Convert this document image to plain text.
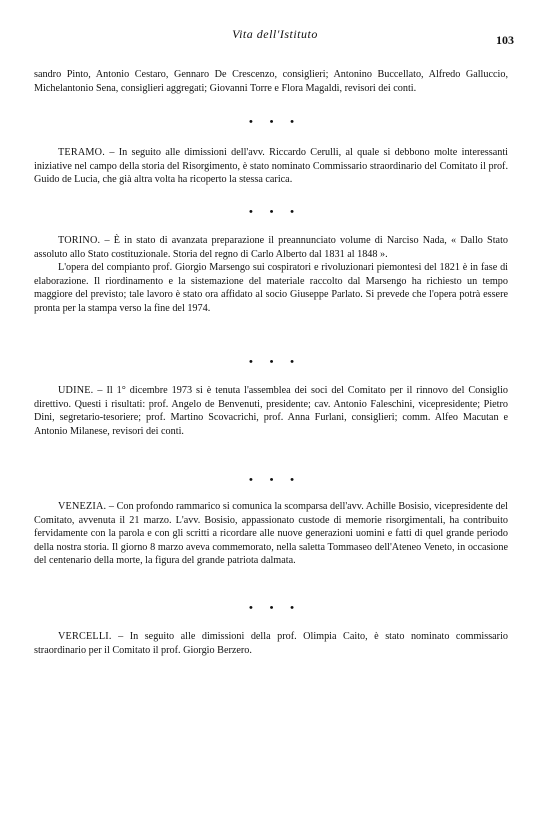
Vita dell'Istituto	103

sandro Pinto, Antonio Cestaro, Gennaro De Crescenzo, consiglieri; Antonino Buccellato, Alfredo Galluccio, Michelantonio Sena, consiglieri aggregati; Giovanni Torre e Flora Magaldi, revisori dei conti.

• • •

TERAMO. – In seguito alle dimissioni dell'avv. Riccardo Cerulli, al quale si debbono molte interessanti iniziative nel campo della storia del Risorgimento, è stato nominato Commissario straordinario del Comitato il prof. Guido de Lucia, che già altra volta ha ricoperto la stessa carica.

• • •

TORINO. – È in stato di avanzata preparazione il preannunciato volume di Narciso Nada, « Dallo Stato assoluto allo Stato costituzionale. Storia del regno di Carlo Alberto dal 1831 al 1848 ».

L'opera del compianto prof. Giorgio Marsengo sui cospiratori e rivoluzionari piemontesi del 1821 è in fase di elaborazione. Il riordinamento e la sistemazione del materiale raccolto dal Marsengo ha richiesto un tempo maggiore del previsto; tale lavoro è stato ora affidato al socio Giuseppe Parlato. Si prevede che l'opera potrà essere pronta per la stampa verso la fine del 1974.

• • •

UDINE. – Il 1° dicembre 1973 si è tenuta l'assemblea dei soci del Comitato per il rinnovo del Consiglio direttivo. Questi i risultati: prof. Angelo de Benvenuti, presidente; cav. Antonio Faleschini, vicepresidente; Pietro Dini, segretario-tesoriere; prof. Martino Scovacrichi, prof. Anna Furlani, consiglieri; comm. Alfeo Macutan e Antonio Milanese, revisori dei conti.

• • •

VENEZIA. – Con profondo rammarico si comunica la scomparsa dell'avv. Achille Bosisio, vicepresidente del Comitato, avvenuta il 21 marzo. L'avv. Bosisio, appassionato custode di memorie risorgimentali, ha contribuito fervidamente con la parola e con gli scritti a ricordare alle nuove generazioni uomini e fatti di quel grande periodo della nostra storia. Il giorno 8 marzo aveva commemorato, nella saletta Tommaseo dell'Ateneo Veneto, in occasione del centenario della morte, la figura del grande patriota dalmata.

• • •

VERCELLI. – In seguito alle dimissioni della prof. Olimpia Caito, è stato nominato commissario straordinario per il Comitato il prof. Giorgio Berzero.
